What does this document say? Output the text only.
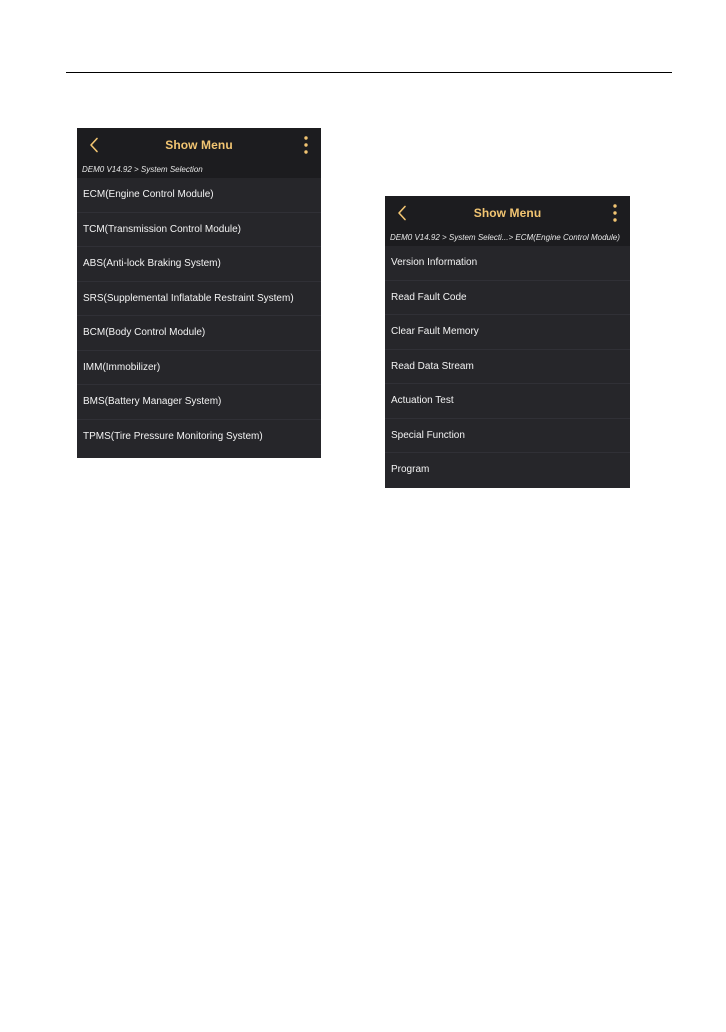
Show Menu
DEM0 V14.92 > System Selection
ECM(Engine Control Module)
TCM(Transmission Control Module)
ABS(Anti-lock Braking System)
SRS(Supplemental Inflatable Restraint System)
BCM(Body Control Module)
IMM(Immobilizer)
BMS(Battery Manager System)
TPMS(Tire Pressure Monitoring System)
Show Menu
DEM0 V14.92 > System Selecti...> ECM(Engine Control Module)
Version Information
Read Fault Code
Clear Fault Memory
Read Data Stream
Actuation Test
Special Function
Program
